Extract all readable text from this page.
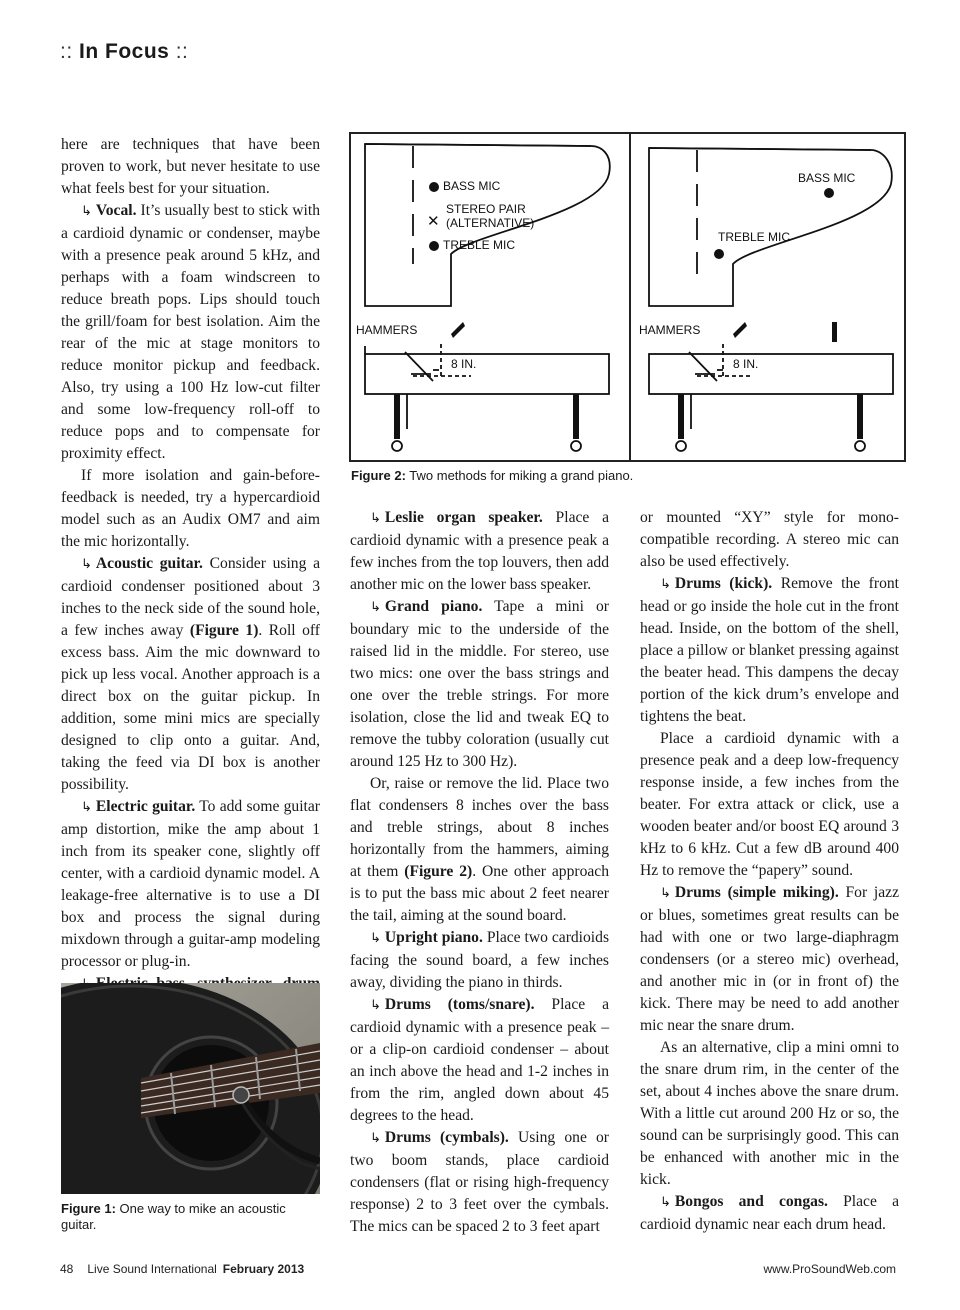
:: In Focus ::

here are techniques that have been proven to work, but never hesitate to use what feels best for your situation.

↳ Vocal. It’s usually best to stick with a cardioid dynamic or condenser, maybe with a presence peak around 5 kHz, and perhaps with a foam windscreen to reduce breath pops. Lips should touch the grill/foam for best isolation. Aim the rear of the mic at stage monitors to reduce monitor pickup and feedback. Also, try using a 100 Hz low-cut filter and some low-frequency roll-off to reduce pops and to compensate for proximity effect.

If more isolation and gain-before-feedback is needed, try a hypercardioid model such as an Audix OM7 and aim the mic horizontally.

↳ Acoustic guitar. Consider using a cardioid condenser positioned about 3 inches to the neck side of the sound hole, a few inches away (Figure 1). Roll off excess bass. Aim the mic downward to pick up less vocal. Another approach is a direct box on the guitar pickup. In addition, some mini mics are specially designed to clip onto a guitar. And, taking the feed via DI box is another possibility.

↳ Electric guitar. To add some guitar amp distortion, mike the amp about 1 inch from its speaker cone, slightly off center, with a cardioid dynamic model. A leakage-free alternative is to use a DI box and process the signal during mixdown through a guitar-amp modeling processor or plug-in.

✕
BASS MIC
STEREO PAIR
(ALTERNATIVE)
TREBLE MIC
HAMMERS
8 IN.
BASS MIC
TREBLE MIC
HAMMERS
8 IN.
Figure 2: Two methods for miking a grand piano.

↳ Leslie organ speaker. Place a cardioid dynamic with a presence peak a few inches from the top louvers, then add another mic on the lower bass speaker.

↳ Grand piano. Tape a mini or boundary mic to the underside of the raised lid in the middle. For stereo, use two mics: one over the bass strings and one over the treble strings. For more isolation, close the lid and tweak EQ to remove the tubby coloration (usually cut around 125 Hz to 300 Hz).

Or, raise or remove the lid. Place two flat condensers 8 inches over the bass and treble strings, about 8 inches horizontally from the hammers, aiming at them (Figure 2). One other approach is to put the bass mic about 2 feet nearer the tail, aiming at the sound board.

↳ Upright piano. Place two cardioids facing the sound board, a few inches away, dividing the piano in thirds.

↳ Drums (toms/snare). Place a cardioid dynamic with a presence peak – or a clip-on cardioid condenser – about an inch above the head and 1-2 inches in from the rim, angled down about 45 degrees to the head.

↳ Drums (cymbals). Using one or two boom stands, place cardioid condensers (flat or rising high-frequency response) 2 to 3 feet over the cymbals. The mics can be spaced 2 to 3 feet apart

or mounted “XY” style for mono-compatible recording. A stereo mic can also be used effectively.

↳ Drums (kick). Remove the front head or go inside the hole cut in the front head. Inside, on the bottom of the shell, place a pillow or blanket pressing against the beater head. This dampens the decay portion of the kick drum’s envelope and tightens the beat.

Place a cardioid dynamic with a presence peak and a deep low-frequency response inside, a few inches from the beater. For extra attack or click, use a wooden beater and/or boost EQ around 3 kHz to 6 kHz. Cut a few dB around 400 Hz to remove the “papery” sound.

↳ Drums (simple miking). For jazz or blues, sometimes great results can be had with one or two large-diaphragm condensers (or a stereo mic) overhead, and another mic in (or in front of) the kick. There may be need to add another mic near the snare drum.

As an alternative, clip a mini omni to the snare drum rim, in the center of the set, about 4 inches above the snare drum. With a little cut around 200 Hz or so, the sound can be surprisingly good. This can be enhanced with another mic in the kick.

↳ Bongos and congas. Place a cardioid dynamic near each drum head.

Figure 1: One way to mike an acoustic guitar.
48 Live Sound International February 2013	www.ProSoundWeb.com
